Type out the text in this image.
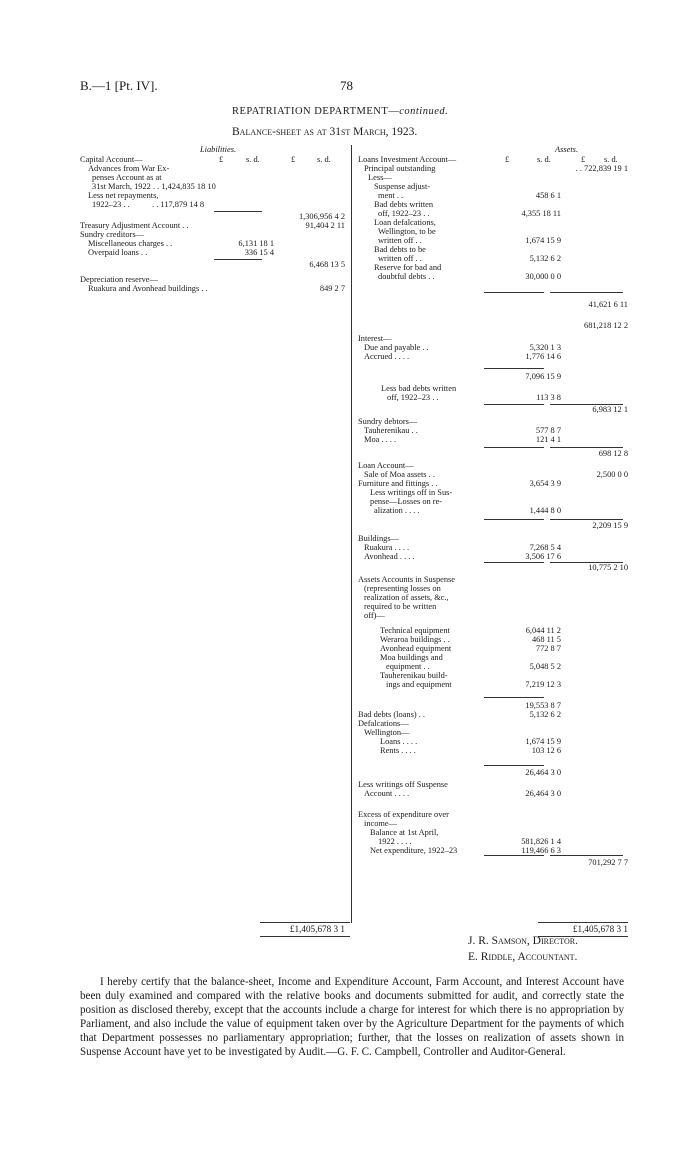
B.—1 [Pt. IV].	78
REPATRIATION DEPARTMENT—continued.
Balance-sheet as at 31st March, 1923.
Liabilities.
£	s. d.	£	s. d.
Capital Account—
Advances from War Ex-
penses Account as at
31st March, 1922 . . 1,424,835 18 10
Less net repayments,
1922–23 . .	. . 117,879 14 8
1,306,956 4 2
Treasury Adjustment Account . .	91,404 2 11
Sundry creditors—
Miscellaneous charges . .	6,131 18 1
Overpaid loans . .	336 15 4
6,468 13 5
Depreciation reserve—
Ruakura and Avonhead buildings . .	849 2 7
£1,405,678 3 1
Assets.
£	s. d.	£ s. d.
Loans Investment Account—
Principal outstanding	. . 722,839 19 1
Less—
Suspense adjust-
ment . .	458 6 1
Bad debts written
off, 1922–23 . .	4,355 18 11
Loan defalcations,
Wellington, to be
written off . .	1,674 15 9
Bad debts to be
written off . .	5,132 6 2
Reserve for bad and
doubtful debts . .	30,000 0 0
41,621 6 11
681,218 12 2
Interest—
Due and payable . .	5,320 1 3
Accrued . . . .	1,776 14 6
7,096 15 9
Less bad debts written
off, 1922–23 . .	113 3 8
6,983 12 1
Sundry debtors—
Tauherenikau . .	577 8 7
Moa . . . .	121 4 1
698 12 8
Loan Account—
Sale of Moa assets . .	2,500 0 0
Furniture and fittings . .	3,654 3 9
Less writings off in Sus-
pense—Losses on re-
alization . . . .	1,444 8 0
2,209 15 9
Buildings—
Ruakura . . . .	7,268 5 4
Avonhead . . . .	3,506 17 6
10,775 2 10
Assets Accounts in Suspense
(representing losses on
realization of assets, &c.,
required to be written
off)—
Technical equipment	6,044 11 2
Weraroa buildings . .	468 11 5
Avonhead equipment	772 8 7
Moa buildings and
equipment . .	5,048 5 2
Tauherenikau build-
ings and equipment	7,219 12 3
19,553 8 7
Bad debts (loans) . .	5,132 6 2
Defalcations—
Wellington—
Loans . . . .	1,674 15 9
Rents . . . .	103 12 6
26,464 3 0
Less writings off Suspense
Account . . . .	26,464 3 0
Excess of expenditure over
income—
Balance at 1st April,
1922 . . . .	581,826 1 4
Net expenditure, 1922–23	119,466 6 3
701,292 7 7
£1,405,678 3 1
J. R. Samson, Director.
E. Riddle, Accountant.
I hereby certify that the balance-sheet, Income and Expenditure Account, Farm Account, and Interest Account have been duly examined and compared with the relative books and documents submitted for audit, and correctly state the position as disclosed thereby, except that the accounts include a charge for interest for which there is no appropriation by Parliament, and also include the value of equipment taken over by the Agriculture Department for the payments of which that Department possesses no parliamentary appropriation; further, that the losses on realization of assets shown in Suspense Account have yet to be investigated by Audit.—G. F. C. Campbell, Controller and Auditor-General.
